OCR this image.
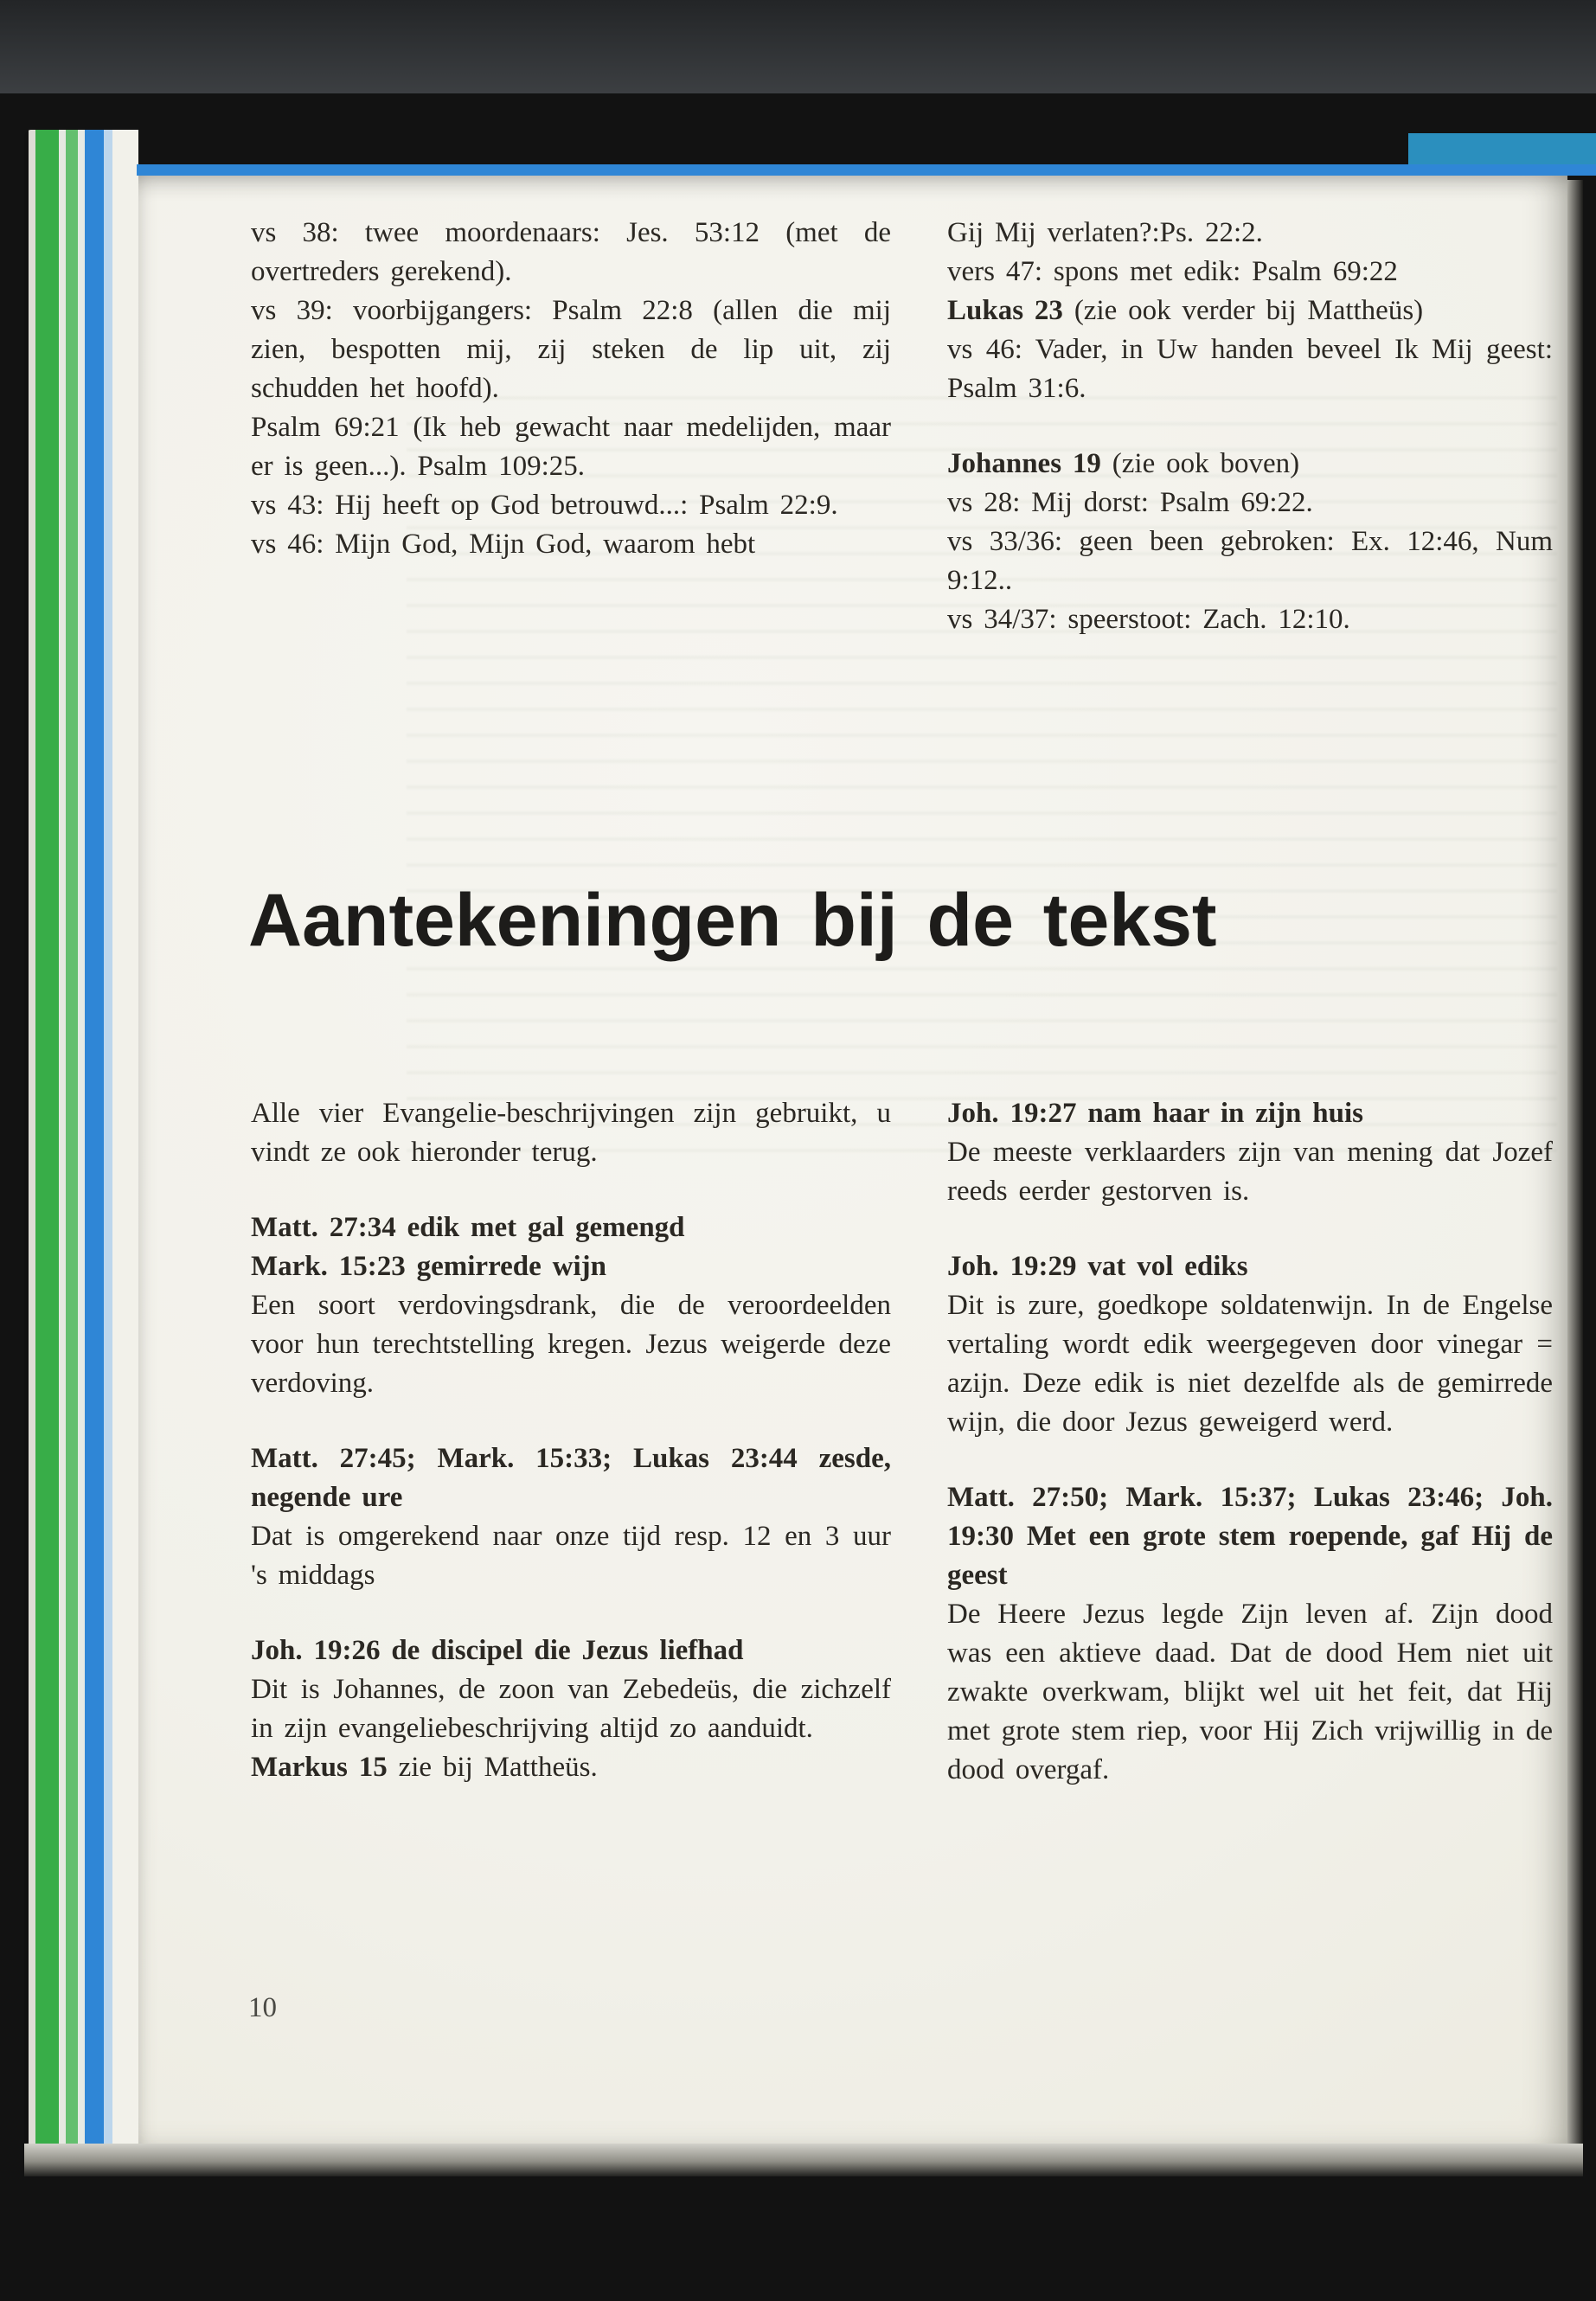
vs 38: twee moordenaars: Jes. 53:12 (met de overtreders gerekend).

vs 39: voorbijgangers: Psalm 22:8 (allen die mij zien, bespotten mij, zij steken de lip uit, zij schudden het hoofd).

Psalm 69:21 (Ik heb gewacht naar medelijden, maar er is geen...). Psalm 109:25.

vs 43: Hij heeft op God betrouwd...: Psalm 22:9.

vs 46: Mijn God, Mijn God, waarom hebt

Gij Mij verlaten?:Ps. 22:2.

vers 47: spons met edik: Psalm 69:22

Lukas 23 (zie ook verder bij Mattheüs)

vs 46: Vader, in Uw handen beveel Ik Mij geest: Psalm 31:6.

Johannes 19 (zie ook boven)

vs 28: Mij dorst: Psalm 69:22.

vs 33/36: geen been gebroken: Ex. 12:46, Num 9:12..

vs 34/37: speerstoot: Zach. 12:10.

Aantekeningen bij de tekst

Alle vier Evangelie-beschrijvingen zijn gebruikt, u vindt ze ook hieronder terug.

Matt. 27:34 edik met gal gemengd

Mark. 15:23 gemirrede wijn

Een soort verdovingsdrank, die de veroordeelden voor hun terechtstelling kregen. Jezus weigerde deze verdoving.

Matt. 27:45; Mark. 15:33; Lukas 23:44 zesde, negende ure

Dat is omgerekend naar onze tijd resp. 12 en 3 uur 's middags

Joh. 19:26 de discipel die Jezus liefhad

Dit is Johannes, de zoon van Zebedeüs, die zichzelf in zijn evangeliebeschrijving altijd zo aanduidt.

Markus 15 zie bij Mattheüs.

Joh. 19:27 nam haar in zijn huis

De meeste verklaarders zijn van mening dat Jozef reeds eerder gestorven is.

Joh. 19:29 vat vol ediks

Dit is zure, goedkope soldatenwijn. In de Engelse vertaling wordt edik weergegeven door vinegar = azijn. Deze edik is niet dezelfde als de gemirrede wijn, die door Jezus geweigerd werd.

Matt. 27:50; Mark. 15:37; Lukas 23:46; Joh. 19:30 Met een grote stem roepende, gaf Hij de geest

De Heere Jezus legde Zijn leven af. Zijn dood was een aktieve daad. Dat de dood Hem niet uit zwakte overkwam, blijkt wel uit het feit, dat Hij met grote stem riep, voor Hij Zich vrijwillig in de dood overgaf.

10
